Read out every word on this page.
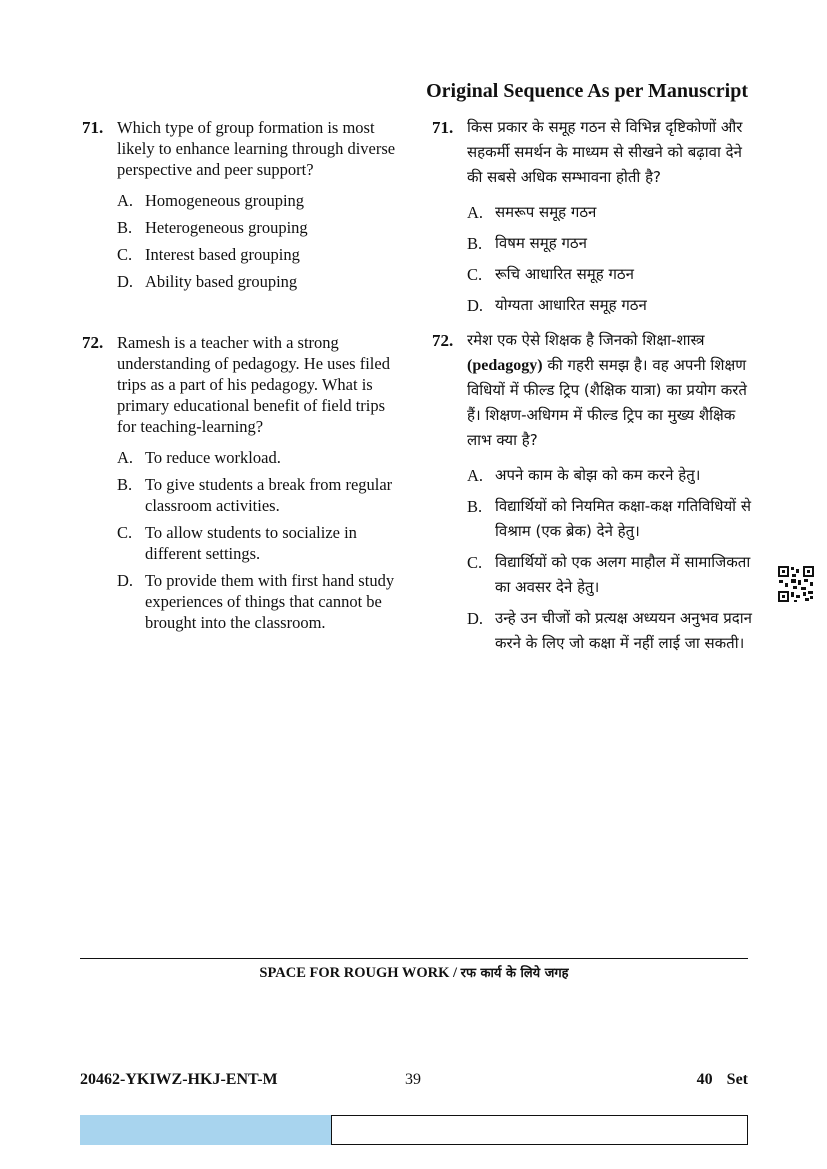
Original Sequence As per Manuscript
71. Which type of group formation is most likely to enhance learning through diverse perspective and peer support?
A. Homogeneous grouping
B. Heterogeneous grouping
C. Interest based grouping
D. Ability based grouping
72. Ramesh is a teacher with a strong understanding of pedagogy. He uses filed trips as a part of his pedagogy. What is primary educational benefit of field trips for teaching-learning?
A. To reduce workload.
B. To give students a break from regular classroom activities.
C. To allow students to socialize in different settings.
D. To provide them with first hand study experiences of things that cannot be brought into the classroom.
71. किस प्रकार के समूह गठन से विभिन्न दृष्टिकोणों और सहकर्मी समर्थन के माध्यम से सीखने को बढ़ावा देने की सबसे अधिक सम्भावना होती है?
A. समरूप समूह गठन
B. विषम समूह गठन
C. रूचि आधारित समूह गठन
D. योग्यता आधारित समूह गठन
72. रमेश एक ऐसे शिक्षक है जिनको शिक्षा-शास्त्र (pedagogy) की गहरी समझ है। वह अपनी शिक्षण विधियों में फील्ड ट्रिप (शैक्षिक यात्रा) का प्रयोग करते हैं। शिक्षण-अधिगम में फील्ड ट्रिप का मुख्य शैक्षिक लाभ क्या है?
A. अपने काम के बोझ को कम करने हेतु।
B. विद्यार्थियों को नियमित कक्षा-कक्ष गतिविधियों से विश्राम (एक ब्रेक) देने हेतु।
C. विद्यार्थियों को एक अलग माहौल में सामाजिकता का अवसर देने हेतु।
D. उन्हे उन चीजों को प्रत्यक्ष अध्ययन अनुभव प्रदान करने के लिए जो कक्षा में नहीं लाई जा सकती।
SPACE FOR ROUGH WORK / रफ कार्य के लिये जगह
20462-YKIWZ-HKJ-ENT-M	39	40 Set
